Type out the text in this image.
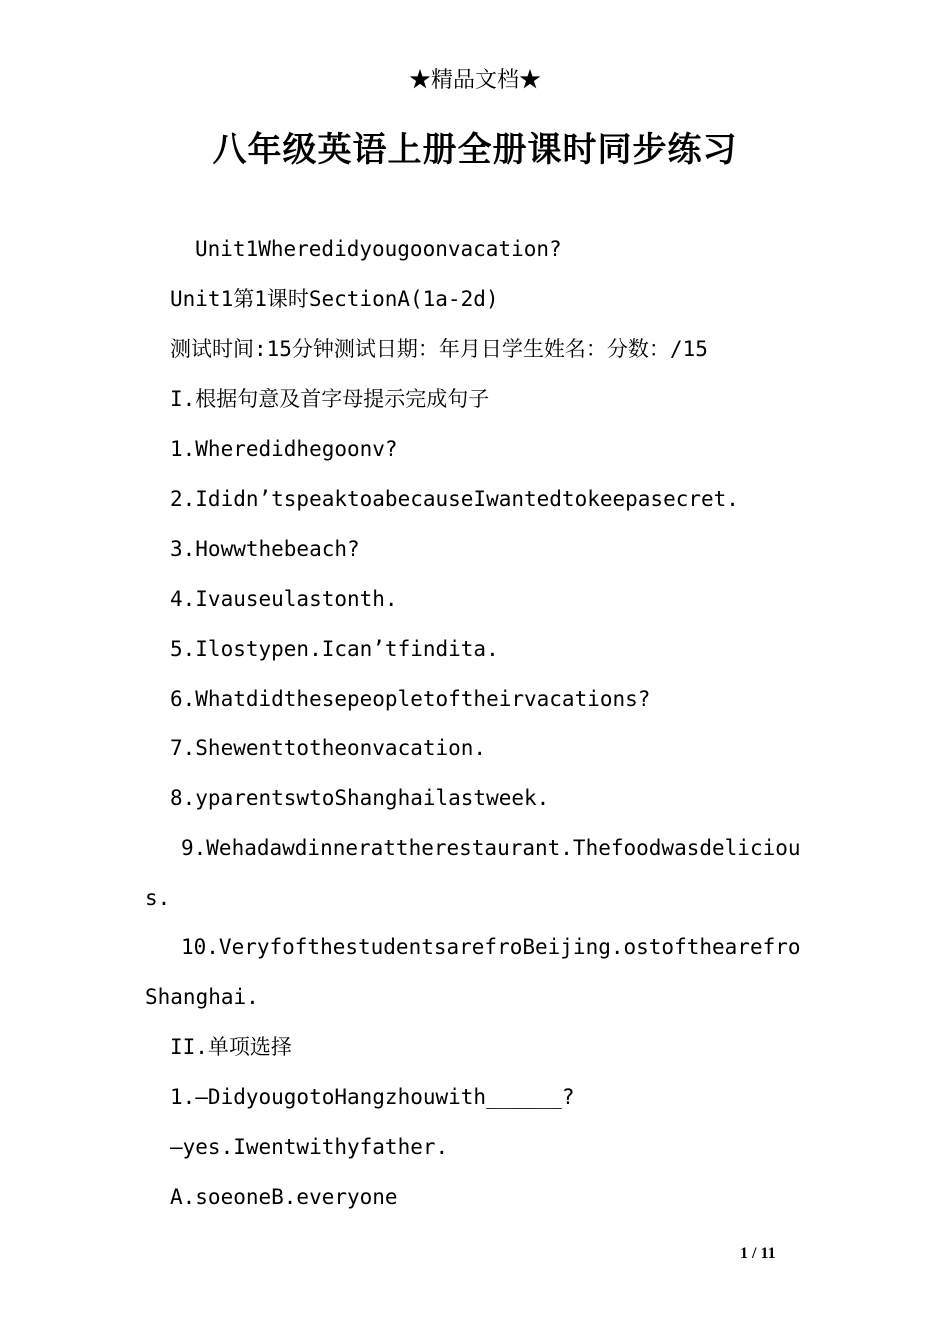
★精品文档★
八年级英语上册全册课时同步练习
Unit1Wheredidyougoonvacation?
Unit1第1课时SectionA(1a-2d)
测试时间:15分钟测试日期：年月日学生姓名：分数：/15
I.根据句意及首字母提示完成句子
1.Wheredidhegoonv?
2.Ididn’tspeaktoabecauseIwantedtokeepasecret.
3.Howwthebeach?
4.Ivauseulastonth.
5.Ilostypen.Ican’tfindita.
6.Whatdidthesepeopletoftheirvacations?
7.Shewenttotheonvacation.
8.yparentswtoShanghailastweek.
9.Wehadawdinnerattherestaurant.Thefoodwasdeliciou
s.
10.VeryfofthestudentsarefroBeijing.ostofthearefro
Shanghai.
II.单项选择
1.—DidyougotoHangzhouwith______?
—yes.Iwentwithyfather.
A.soeoneB.everyone
1 / 11
